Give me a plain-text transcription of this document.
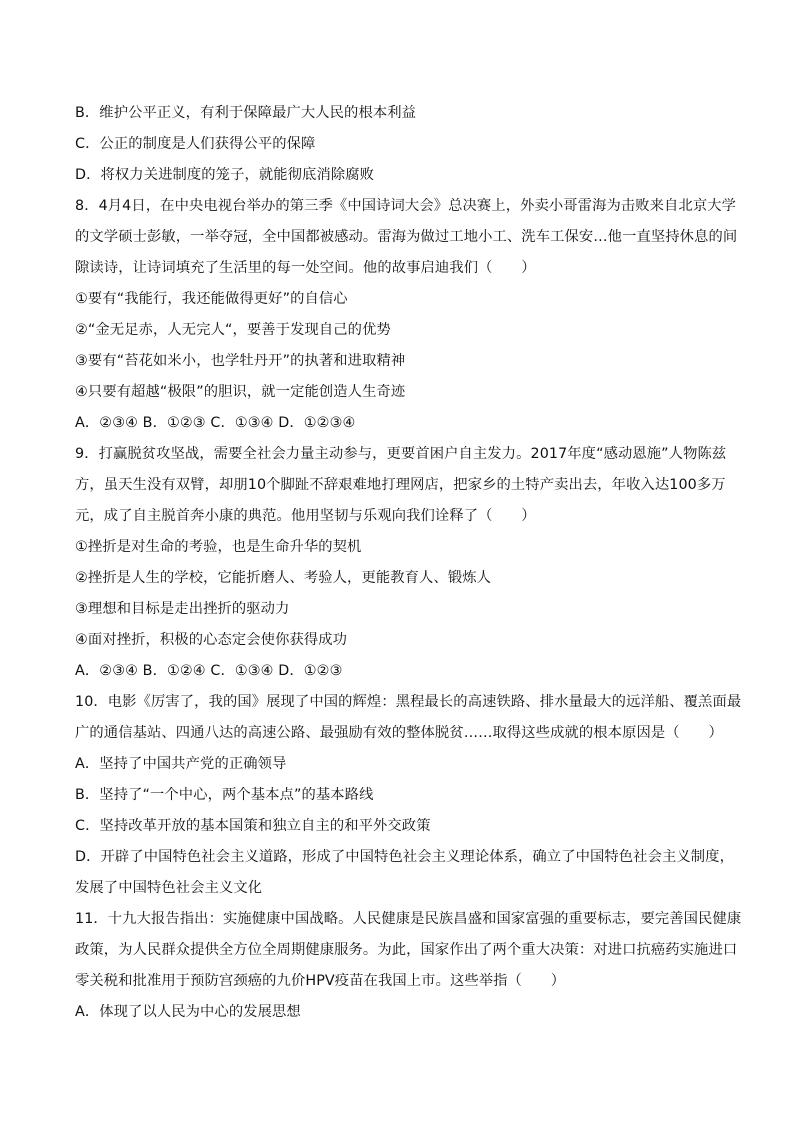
B．维护公平正义，有利于保障最广大人民的根本利益
C．公正的制度是人们获得公平的保障
D．将权力关进制度的笼子，就能彻底消除腐败
8．4月4日，在中央电视台举办的第三季《中国诗词大会》总决赛上，外卖小哥雷海为击败来自北京大学
的文学硕士彭敏，一举夺冠，全中国都被感动。雷海为做过工地小工、洗车工保安…他一直坚持休息的间
隙读诗，让诗词填充了生活里的每一处空间。他的故事启迪我们（　　）
①要有“我能行，我还能做得更好”的自信心
②“金无足赤，人无完人“，要善于发现自己的优势
③要有“苔花如米小，也学牡丹开”的执著和进取精神
④只要有超越“极限”的胆识，就一定能创造人生奇迹
A．②③④ B．①②③ C．①③④ D．①②③④
9．打赢脱贫攻坚战，需要全社会力量主动参与，更要首困户自主发力。2017年度“感动恩施”人物陈兹
方，虽天生没有双臂，却朋10个脚趾不辞艰难地打理网店，把家乡的土特产卖出去，年收入达100多万
元，成了自主脱首奔小康的典范。他用坚韧与乐观向我们诠释了（　　）
①挫折是对生命的考验，也是生命升华的契机
②挫折是人生的学校，它能折磨人、考验人，更能教育人、锻炼人
③理想和目标是走出挫折的驱动力
④面对挫折，积极的心态定会使你获得成功
A．②③④ B．①②④ C．①③④ D．①②③
10．电影《厉害了，我的国》展现了中国的辉煌：黑程最长的高速铁路、排水量最大的远洋船、覆羔面最
广的通信基站、四通八达的高速公路、最强励有效的整体脱贫……取得这些成就的根本原因是（　　）
A．坚持了中国共产党的正确领导
B．坚持了“一个中心，两个基本点”的基本路线
C．坚持改革开放的基本国策和独立自主的和平外交政策
D．开辟了中国特色社会主义道路，形成了中国特色社会主义理论体系，确立了中国特色社会主义制度，
发展了中国特色社会主义文化
11．十九大报告指出：实施健康中国战略。人民健康是民族昌盛和国家富强的重要标志，要完善国民健康
政策，为人民群众提供全方位全周期健康服务。为此，国家作出了两个重大决策：对进口抗癌药实施进口
零关税和批准用于预防宫颈癌的九价HPV疫苗在我国上市。这些举指（　　）
A．体现了以人民为中心的发展思想
